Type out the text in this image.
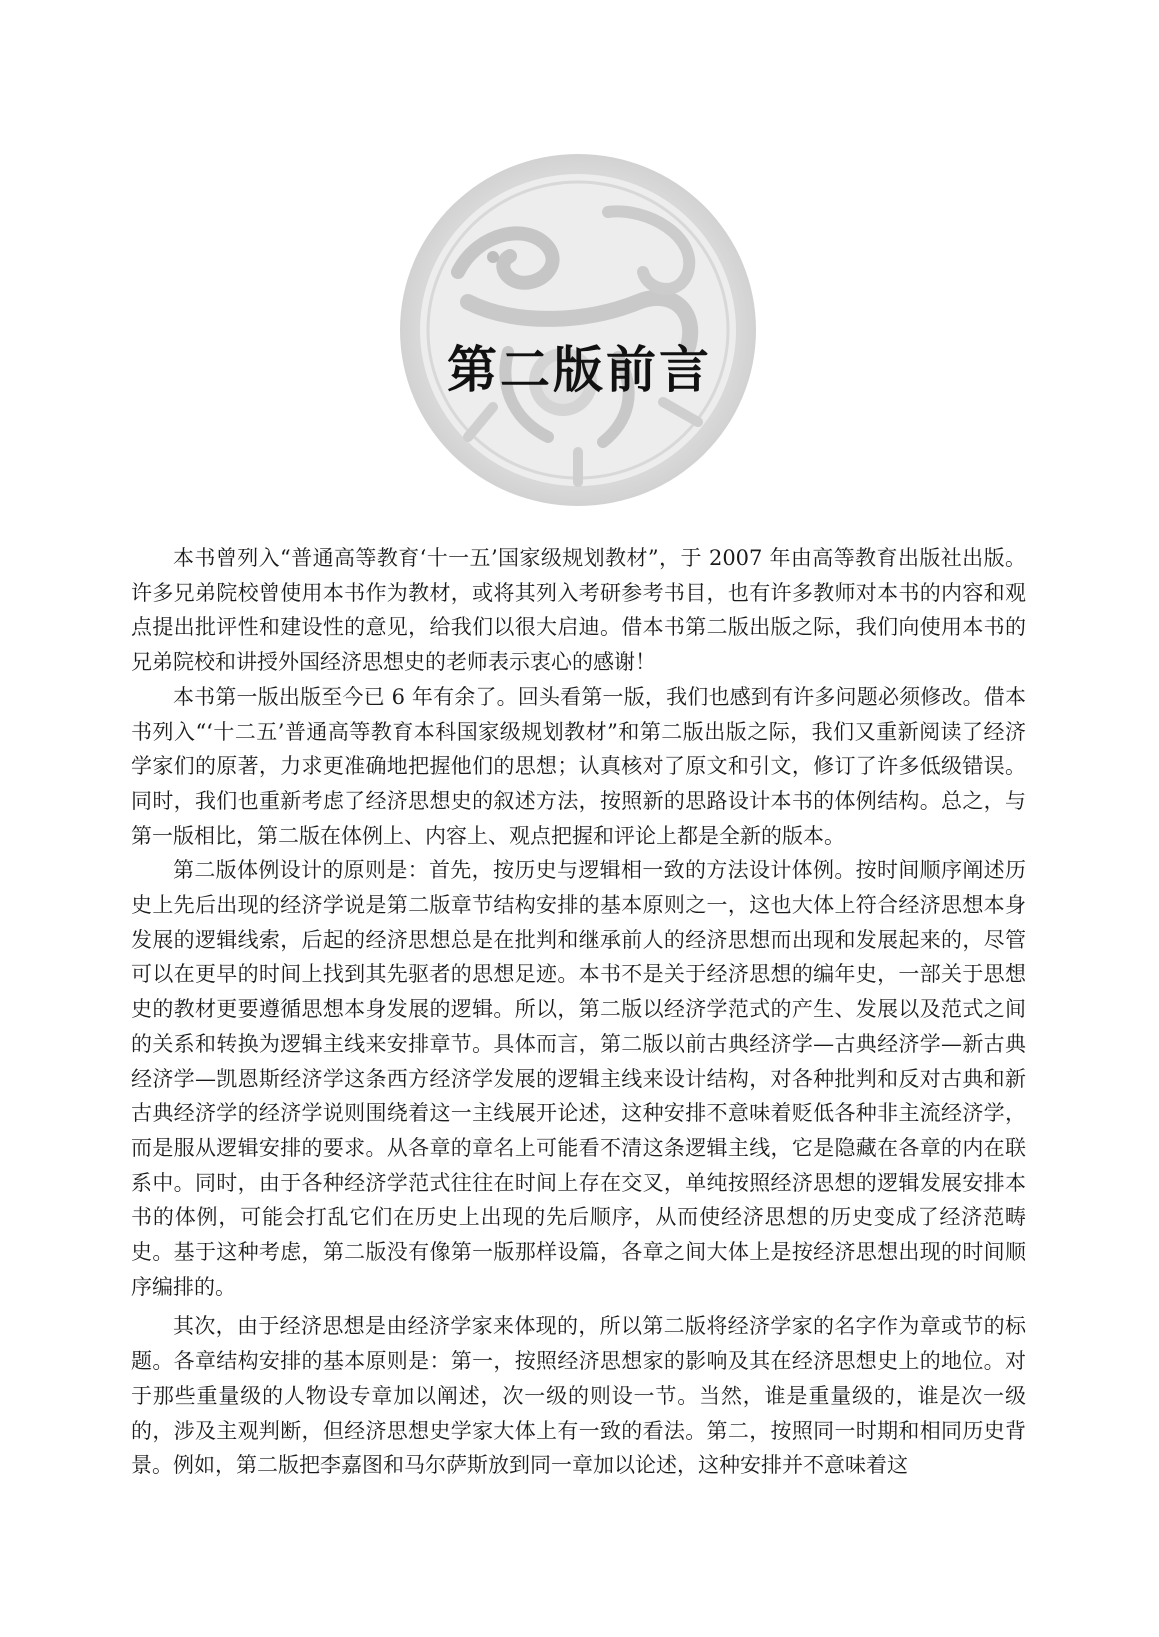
第二版前言

本书曾列入“普通高等教育‘十一五’国家级规划教材”，于 2007 年由高等教育出版社出版。许多兄弟院校曾使用本书作为教材，或将其列入考研参考书目，也有许多教师对本书的内容和观点提出批评性和建设性的意见，给我们以很大启迪。借本书第二版出版之际，我们向使用本书的兄弟院校和讲授外国经济思想史的老师表示衷心的感谢！

本书第一版出版至今已 6 年有余了。回头看第一版，我们也感到有许多问题必须修改。借本书列入“‘十二五’普通高等教育本科国家级规划教材”和第二版出版之际，我们又重新阅读了经济学家们的原著，力求更准确地把握他们的思想；认真核对了原文和引文，修订了许多低级错误。同时，我们也重新考虑了经济思想史的叙述方法，按照新的思路设计本书的体例结构。总之，与第一版相比，第二版在体例上、内容上、观点把握和评论上都是全新的版本。

第二版体例设计的原则是：首先，按历史与逻辑相一致的方法设计体例。按时间顺序阐述历史上先后出现的经济学说是第二版章节结构安排的基本原则之一，这也大体上符合经济思想本身发展的逻辑线索，后起的经济思想总是在批判和继承前人的经济思想而出现和发展起来的，尽管可以在更早的时间上找到其先驱者的思想足迹。本书不是关于经济思想的编年史，一部关于思想史的教材更要遵循思想本身发展的逻辑。所以，第二版以经济学范式的产生、发展以及范式之间的关系和转换为逻辑主线来安排章节。具体而言，第二版以前古典经济学—古典经济学—新古典经济学—凯恩斯经济学这条西方经济学发展的逻辑主线来设计结构，对各种批判和反对古典和新古典经济学的经济学说则围绕着这一主线展开论述，这种安排不意味着贬低各种非主流经济学，而是服从逻辑安排的要求。从各章的章名上可能看不清这条逻辑主线，它是隐藏在各章的内在联系中。同时，由于各种经济学范式往往在时间上存在交叉，单纯按照经济思想的逻辑发展安排本书的体例，可能会打乱它们在历史上出现的先后顺序，从而使经济思想的历史变成了经济范畴史。基于这种考虑，第二版没有像第一版那样设篇，各章之间大体上是按经济思想出现的时间顺序编排的。

其次，由于经济思想是由经济学家来体现的，所以第二版将经济学家的名字作为章或节的标题。各章结构安排的基本原则是：第一，按照经济思想家的影响及其在经济思想史上的地位。对于那些重量级的人物设专章加以阐述，次一级的则设一节。当然，谁是重量级的，谁是次一级的，涉及主观判断，但经济思想史学家大体上有一致的看法。第二，按照同一时期和相同历史背景。例如，第二版把李嘉图和马尔萨斯放到同一章加以论述，这种安排并不意味着这
